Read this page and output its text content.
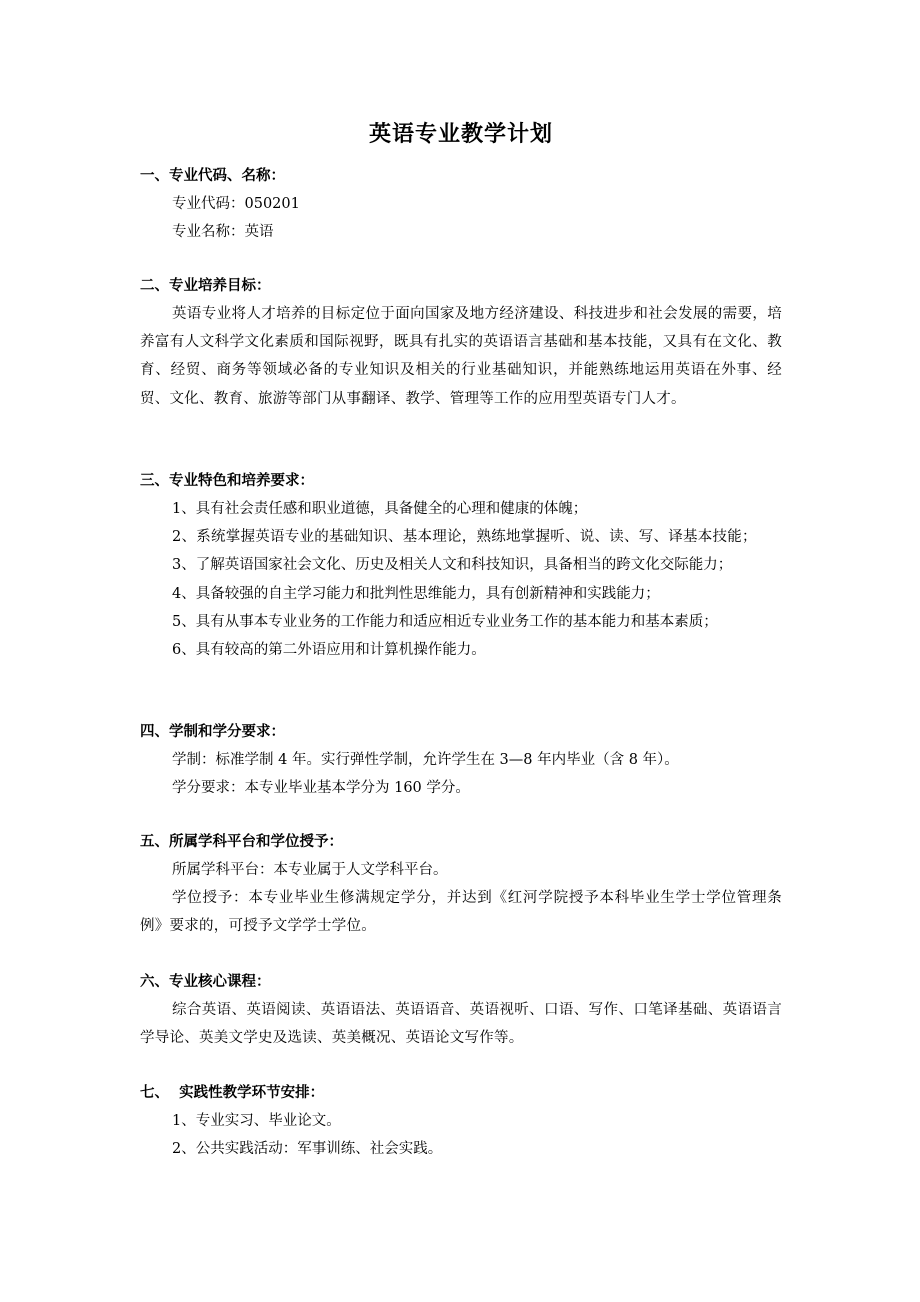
英语专业教学计划
一、专业代码、名称：
专业代码：050201
专业名称：英语
二、专业培养目标：
英语专业将人才培养的目标定位于面向国家及地方经济建设、科技进步和社会发展的需要，培养富有人文科学文化素质和国际视野，既具有扎实的英语语言基础和基本技能，又具有在文化、教育、经贸、商务等领域必备的专业知识及相关的行业基础知识，并能熟练地运用英语在外事、经贸、文化、教育、旅游等部门从事翻译、教学、管理等工作的应用型英语专门人才。
三、专业特色和培养要求：
1、具有社会责任感和职业道德，具备健全的心理和健康的体魄；
2、系统掌握英语专业的基础知识、基本理论，熟练地掌握听、说、读、写、译基本技能；
3、了解英语国家社会文化、历史及相关人文和科技知识，具备相当的跨文化交际能力；
4、具备较强的自主学习能力和批判性思维能力，具有创新精神和实践能力；
5、具有从事本专业业务的工作能力和适应相近专业业务工作的基本能力和基本素质；
6、具有较高的第二外语应用和计算机操作能力。
四、学制和学分要求：
学制：标准学制 4 年。实行弹性学制，允许学生在 3—8 年内毕业（含 8 年）。
学分要求：本专业毕业基本学分为 160 学分。
五、所属学科平台和学位授予：
所属学科平台：本专业属于人文学科平台。
学位授予：本专业毕业生修满规定学分，并达到《红河学院授予本科毕业生学士学位管理条例》要求的，可授予文学学士学位。
六、专业核心课程：
综合英语、英语阅读、英语语法、英语语音、英语视听、口语、写作、口笔译基础、英语语言学导论、英美文学史及选读、英美概况、英语论文写作等。
七、  实践性教学环节安排：
1、专业实习、毕业论文。
2、公共实践活动：军事训练、社会实践。
